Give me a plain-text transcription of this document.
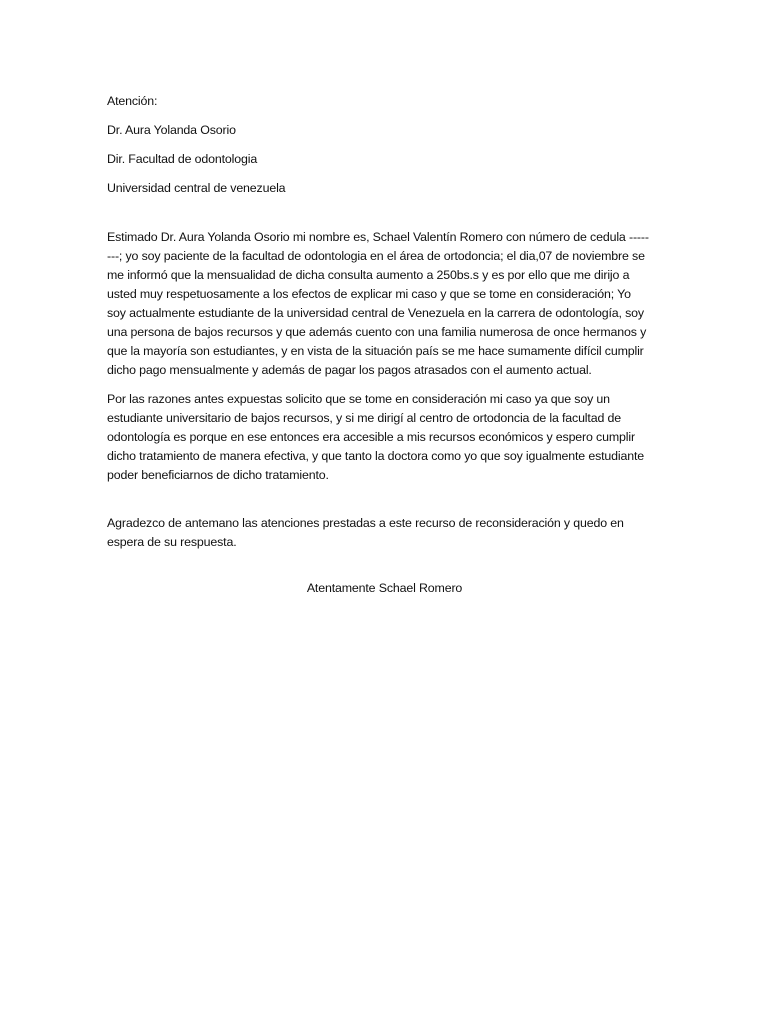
Atención:

Dr. Aura Yolanda Osorio

Dir. Facultad de odontologia

Universidad central de venezuela

Estimado Dr. Aura Yolanda Osorio mi nombre es, Schael Valentín Romero con número de cedula --------; yo soy paciente de la facultad de odontologia en el área de ortodoncia; el dia,07 de noviembre se me informó que la mensualidad de dicha consulta aumento a 250bs.s y es por ello que me dirijo a usted muy respetuosamente a los efectos de explicar mi caso y que se tome en consideración; Yo soy actualmente estudiante de la universidad central de Venezuela en la carrera de odontología, soy una persona de bajos recursos y que además cuento con una familia numerosa de once hermanos y que la mayoría son estudiantes, y en vista de la situación país se me hace sumamente difícil cumplir dicho pago mensualmente y además de pagar los pagos atrasados con el aumento actual.

Por las razones antes expuestas solicito que se tome en consideración mi caso ya que soy un estudiante universitario de bajos recursos, y si me dirigí al centro de ortodoncia de la facultad de odontología es porque en ese entonces era accesible a mis recursos económicos y espero cumplir dicho tratamiento de manera efectiva, y que tanto la doctora como yo que soy igualmente estudiante poder beneficiarnos de dicho tratamiento.

Agradezco de antemano las atenciones prestadas a este recurso de reconsideración y quedo en espera de su respuesta.

Atentamente Schael Romero
